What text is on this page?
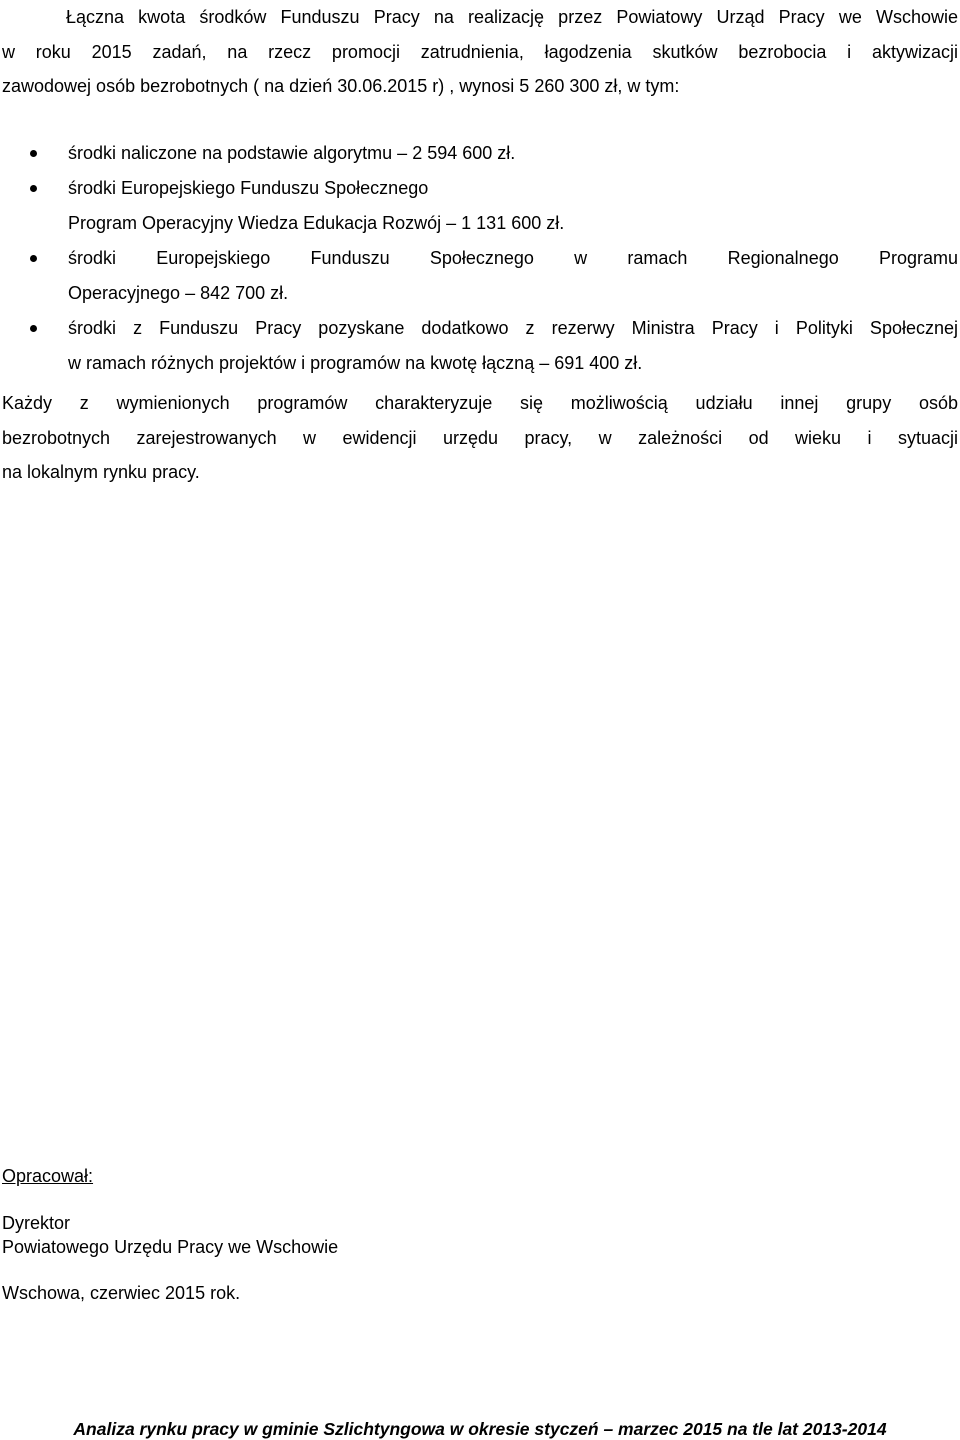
Łączna kwota środków Funduszu Pracy na realizację przez Powiatowy Urząd Pracy we Wschowie
w roku 2015 zadań, na rzecz promocji zatrudnienia, łagodzenia skutków bezrobocia i aktywizacji
zawodowej osób bezrobotnych ( na dzień 30.06.2015 r) , wynosi 5 260 300 zł, w tym:

środki naliczone na podstawie algorytmu – 2 594 600 zł.
środki Europejskiego Funduszu Społecznego
Program Operacyjny Wiedza Edukacja Rozwój – 1 131 600 zł.
środki Europejskiego Funduszu Społecznego w ramach Regionalnego Programu
Operacyjnego – 842 700 zł.
środki z Funduszu Pracy pozyskane dodatkowo z rezerwy Ministra Pracy i Polityki Społecznej
w ramach różnych projektów i programów na kwotę łączną – 691 400 zł.

Każdy z wymienionych programów charakteryzuje się możliwością udziału innej grupy osób
bezrobotnych zarejestrowanych w ewidencji urzędu pracy, w zależności od wieku i sytuacji
na lokalnym rynku pracy.

Opracował:
Dyrektor
Powiatowego Urzędu Pracy we Wschowie
Wschowa, czerwiec 2015 rok.
Analiza rynku pracy w gminie Szlichtyngowa w okresie styczeń – marzec 2015 na tle lat 2013-2014
